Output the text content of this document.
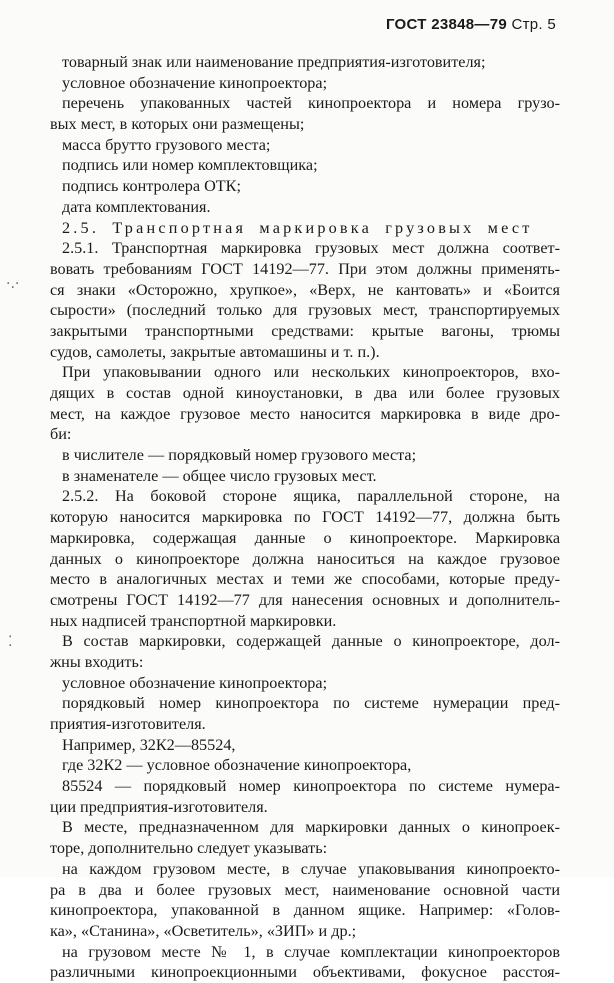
ГОСТ 23848—79 Стр. 5
·.·
⁚
товарный знак или наименование предприятия-изготовителя;
условное обозначение кинопроектора;
перечень упакованных частей кинопроектора и номера грузо-
вых мест, в которых они размещены;
масса брутто грузового места;
подпись или номер комплектовщика;
подпись контролера ОТК;
дата комплектования.
2.5. Транспортная маркировка грузовых мест
2.5.1. Транспортная маркировка грузовых мест должна соответ-
вовать требованиям ГОСТ 14192—77. При этом должны применять-
ся знаки «Осторожно, хрупкое», «Верх, не кантовать» и «Боится
сырости» (последний только для грузовых мест, транспортируемых
закрытыми транспортными средствами: крытые вагоны, трюмы
судов, самолеты, закрытые автомашины и т. п.).
При упаковывании одного или нескольких кинопроекторов, вхо-
дящих в состав одной киноустановки, в два или более грузовых
мест, на каждое грузовое место наносится маркировка в виде дро-
би:
в числителе — порядковый номер грузового места;
в знаменателе — общее число грузовых мест.
2.5.2. На боковой стороне ящика, параллельной стороне, на
которую наносится маркировка по ГОСТ 14192—77, должна быть
маркировка, содержащая данные о кинопроекторе. Маркировка
данных о кинопроекторе должна наноситься на каждое грузовое
место в аналогичных местах и теми же способами, которые преду-
смотрены ГОСТ 14192—77 для нанесения основных и дополнитель-
ных надписей транспортной маркировки.
В состав маркировки, содержащей данные о кинопроекторе, дол-
жны входить:
условное обозначение кинопроектора;
порядковый номер кинопроектора по системе нумерации пред-
приятия-изготовителя.
Например, 32К2—85524,
где 32К2 — условное обозначение кинопроектора,
85524 — порядковый номер кинопроектора по системе нумера-
ции предприятия-изготовителя.
В месте, предназначенном для маркировки данных о кинопроек-
торе, дополнительно следует указывать:
на каждом грузовом месте, в случае упаковывания кинопроекто-
ра в два и более грузовых мест, наименование основной части
кинопроектора, упакованной в данном ящике. Например: «Голов-
ка», «Станина», «Осветитель», «ЗИП» и др.;
на грузовом месте № 1, в случае комплектации кинопроекторов
различными кинопроекционными объективами, фокусное расстоя-
